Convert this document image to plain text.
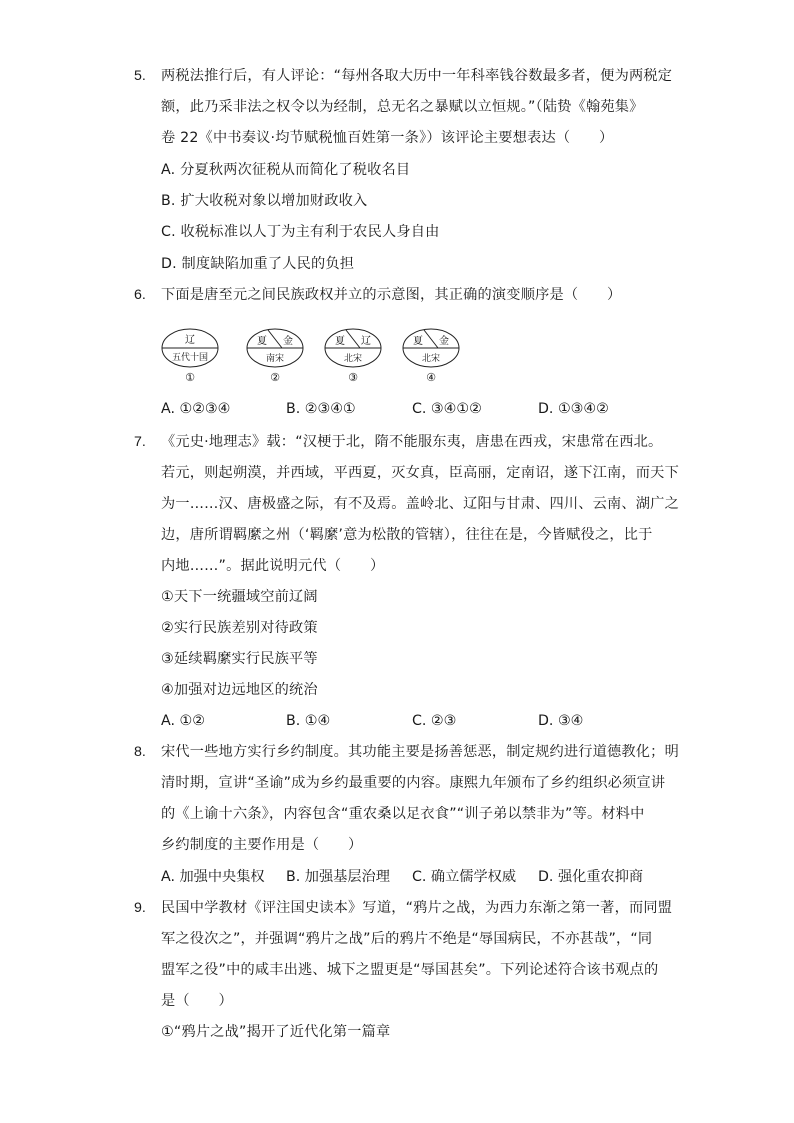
5. 两税法推行后，有人评论：“每州各取大历中一年科率钱谷数最多者，便为两税定
额，此乃采非法之权令以为经制，总无名之暴赋以立恒规。”（陆贽《翰苑集》
卷 22《中书奏议·均节赋税恤百姓第一条》）该评论主要想表达（　　）
A. 分夏秋两次征税从而简化了税收名目
B. 扩大收税对象以增加财政收入
C. 收税标准以人丁为主有利于农民人身自由
D. 制度缺陷加重了人民的负担
6. 下面是唐至元之间民族政权并立的示意图，其正确的演变顺序是（　　）
辽
五代十国
夏 金
南宋
夏 辽
北宋
夏 金
北宋
①	②	③	④
A. ①②③④	B. ②③④①	C. ③④①②	D. ①③④②
7. 《元史·地理志》载：“汉梗于北，隋不能服东夷，唐患在西戎，宋患常在西北。
若元，则起朔漠，并西域，平西夏，灭女真，臣高丽，定南诏，遂下江南，而天下
为一……汉、唐极盛之际，有不及焉。盖岭北、辽阳与甘肃、四川、云南、湖广之
边，唐所谓羁縻之州（‘羁縻’意为松散的管辖），往往在是，今皆赋役之，比于
内地……”。据此说明元代（　　）
①天下一统疆域空前辽阔
②实行民族差别对待政策
③延续羁縻实行民族平等
④加强对边远地区的统治
A. ①②	B. ①④	C. ②③	D. ③④
8. 宋代一些地方实行乡约制度。其功能主要是扬善惩恶，制定规约进行道德教化；明
清时期，宣讲“圣谕”成为乡约最重要的内容。康熙九年颁布了乡约组织必须宣讲
的《上谕十六条》，内容包含“重农桑以足衣食”“训子弟以禁非为”等。材料中
乡约制度的主要作用是（　　）
A. 加强中央集权 B. 加强基层治理 C. 确立儒学权威 D. 强化重农抑商
9. 民国中学教材《评注国史读本》写道，“鸦片之战，为西力东渐之第一著，而同盟
军之役次之”，并强调“鸦片之战”后的鸦片不绝是“辱国病民，不亦甚哉”，“同
盟军之役”中的咸丰出逃、城下之盟更是“辱国甚矣”。下列论述符合该书观点的
是（　　）
①“鸦片之战”揭开了近代化第一篇章
